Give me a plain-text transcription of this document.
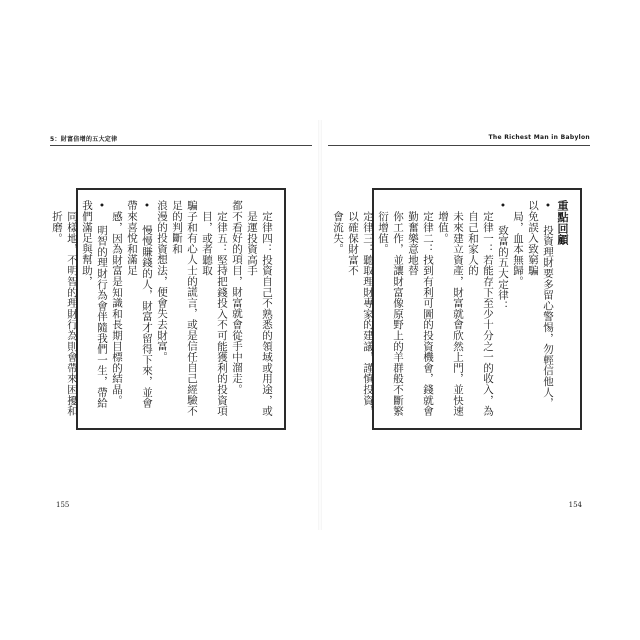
5：財富倍增的五大定律	The Richest Man in Babylon

定律四：投資自己不熟悉的領域或用途，或是運投資高手

都不看好的項目，財富就會從手中溜走。

定律五：堅持把錢投入不可能獲利的投資項目，或者聽取

騙子和有心人士的謊言，或是信任自己經驗不足的判斷和

浪漫的投資想法，便會失去財富。

• 慢慢賺錢的人，財富才留得下來，並會帶來喜悅和滿足

感，因為財富是知識和長期目標的結晶。

• 明智的理財行為會伴隨我們一生，帶給我們滿足與幫助，

同樣地，不明智的理財行為則會帶來困擾和折磨。	重點回顧

• 投資理財要多留心警惕，勿輕信他人，以免誤入致窮騙

局，血本無歸。

• 致富的五大定律：

定律一：若能存下至少十分之一的收入，為自己和家人的

未來建立資產，財富就會欣然上門，並快速增值。

定律二：找到有利可圖的投資機會，錢就會勤奮樂意地替

你工作，並讓財富像原野上的羊群般不斷繁衍增值。

定律三：聽取理財專家的建議，謹慎投資，以確保財富不

會流失。

155	154
